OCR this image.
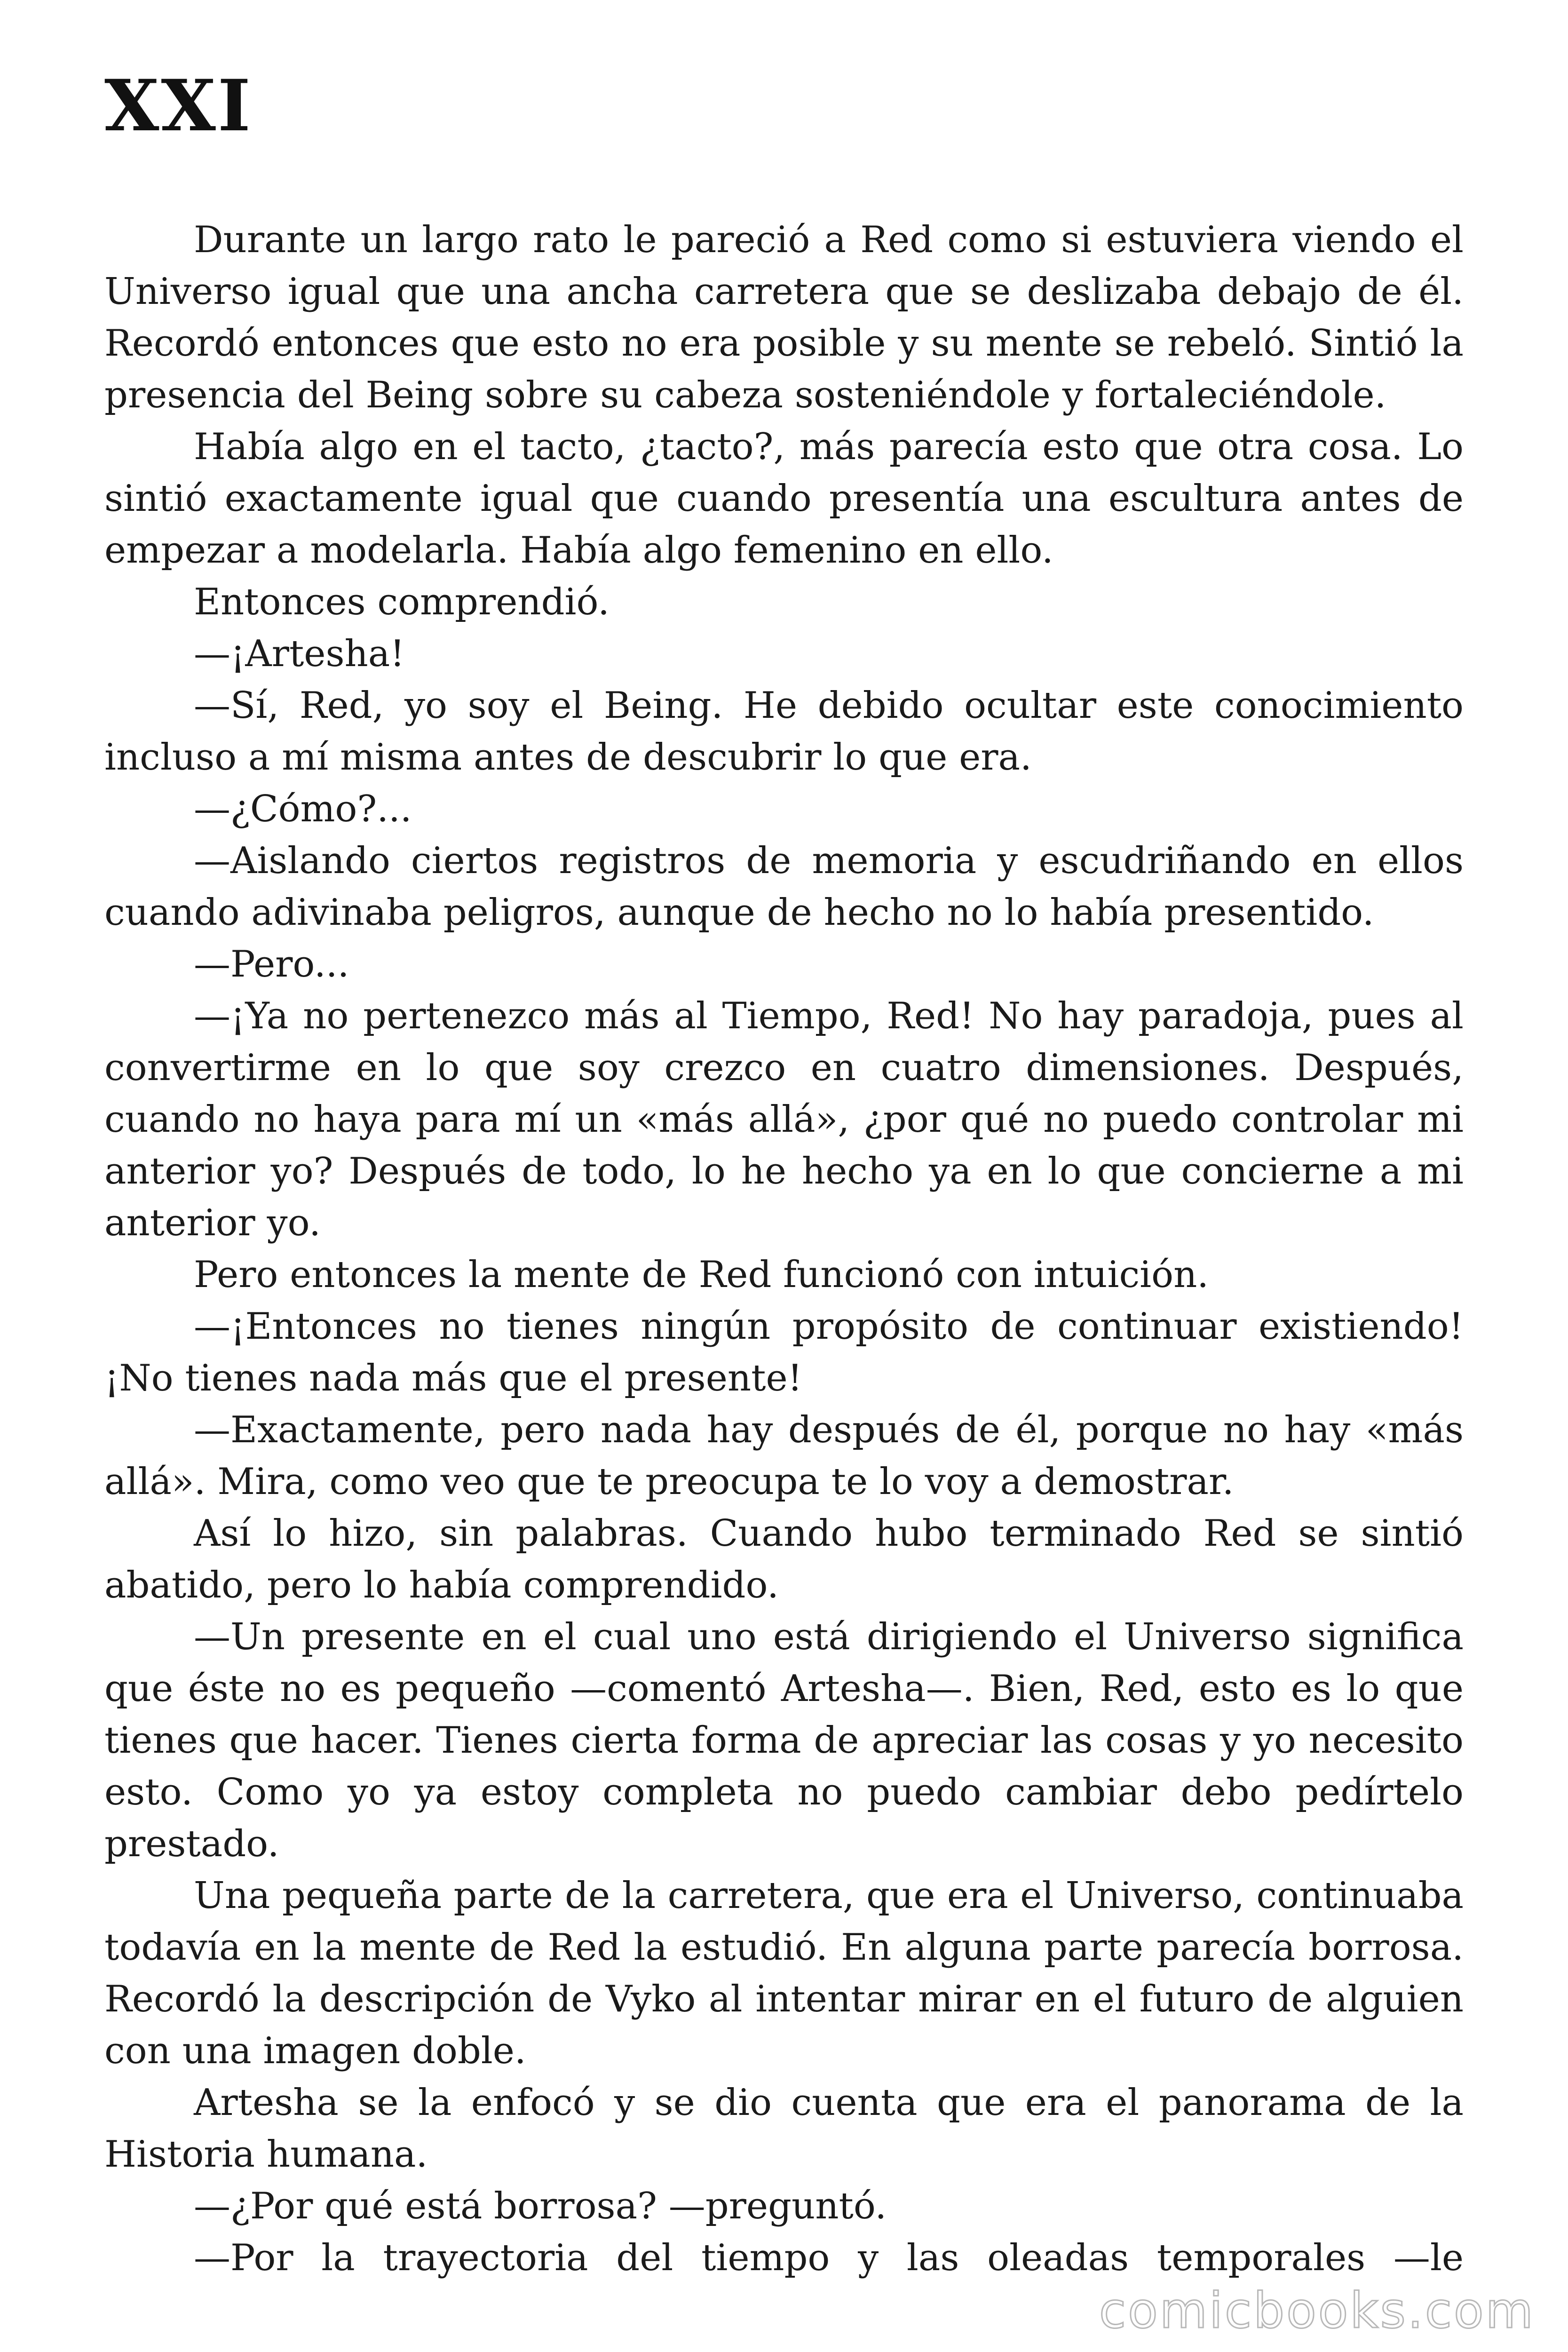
XXI

Durante un largo rato le pareció a Red como si estuviera viendo el Universo igual que una ancha carretera que se deslizaba debajo de él. Recordó entonces que esto no era posible y su mente se rebeló. Sintió la presencia del Being sobre su cabeza sosteniéndole y fortaleciéndole.

Había algo en el tacto, ¿tacto?, más parecía esto que otra cosa. Lo sintió exactamente igual que cuando presentía una escultura antes de empezar a modelarla. Había algo femenino en ello.

Entonces comprendió.

—¡Artesha!

—Sí, Red, yo soy el Being. He debido ocultar este conocimiento incluso a mí misma antes de descubrir lo que era.

—¿Cómo?...

—Aislando ciertos registros de memoria y escudriñando en ellos cuando adivinaba peligros, aunque de hecho no lo había presentido.

—Pero...

—¡Ya no pertenezco más al Tiempo, Red! No hay paradoja, pues al convertirme en lo que soy crezco en cuatro dimensiones. Después, cuando no haya para mí un «más allá», ¿por qué no puedo controlar mi anterior yo? Después de todo, lo he hecho ya en lo que concierne a mi anterior yo.

Pero entonces la mente de Red funcionó con intuición.

—¡Entonces no tienes ningún propósito de continuar existiendo! ¡No tienes nada más que el presente!

—Exactamente, pero nada hay después de él, porque no hay «más allá». Mira, como veo que te preocupa te lo voy a demostrar.

Así lo hizo, sin palabras. Cuando hubo terminado Red se sintió abatido, pero lo había comprendido.

—Un presente en el cual uno está dirigiendo el Universo significa que éste no es pequeño —comentó Artesha—. Bien, Red, esto es lo que tienes que hacer. Tienes cierta forma de apreciar las cosas y yo necesito esto. Como yo ya estoy completa no puedo cambiar debo pedírtelo prestado.

Una pequeña parte de la carretera, que era el Universo, continuaba todavía en la mente de Red la estudió. En alguna parte parecía borrosa. Recordó la descripción de Vyko al intentar mirar en el futuro de alguien con una imagen doble.

Artesha se la enfocó y se dio cuenta que era el panorama de la Historia humana.

—¿Por qué está borrosa? —preguntó.

—Por la trayectoria del tiempo y las oleadas temporales —le

comicbooks.com
